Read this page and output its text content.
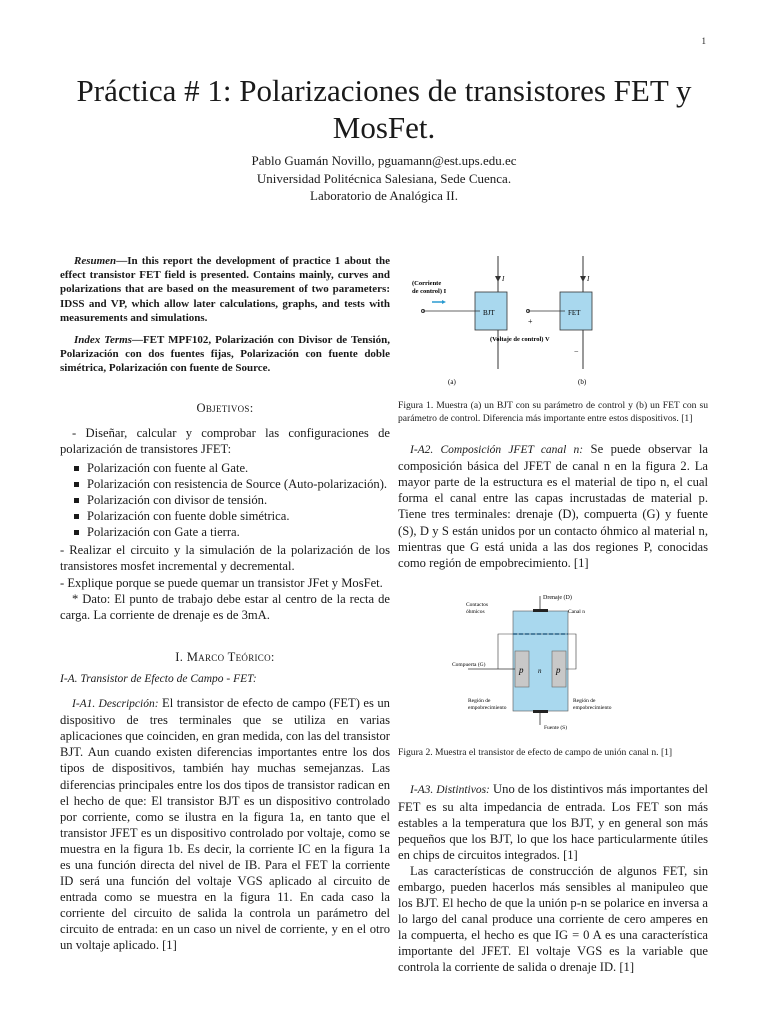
1
Práctica # 1: Polarizaciones de transistores FET y MosFet.
Pablo Guamán Novillo, pguamann@est.ups.edu.ec
Universidad Politécnica Salesiana, Sede Cuenca.
Laboratorio de Analógica II.

Resumen—In this report the development of practice 1 about the effect transistor FET field is presented. Contains mainly, curves and polarizations that are based on the measurement of two parameters: IDSS and VP, which allow later calculations, graphs, and tests with measurements and simulations.

Index Terms—FET MPF102, Polarización con Divisor de Tensión, Polarización con dos fuentes fijas, Polarización con fuente doble simétrica, Polarización con fuente de Source.

Objetivos:

- Diseñar, calcular y comprobar las configuraciones de polarización de transistores JFET:

Polarización con fuente al Gate.
Polarización con resistencia de Source (Auto-polarización).
Polarización con divisor de tensión.
Polarización con fuente doble simétrica.
Polarización con Gate a tierra.

- Realizar el circuito y la simulación de la polarización de los transistores mosfet incremental y decremental.

- Explique porque se puede quemar un transistor JFet y MosFet.

* Dato: El punto de trabajo debe estar al centro de la recta de carga. La corriente de drenaje es de 3mA.

I. Marco Teórico:

I-A. Transistor de Efecto de Campo - FET:

I-A1. Descripción: El transistor de efecto de campo (FET) es un dispositivo de tres terminales que se utiliza en varias aplicaciones que coinciden, en gran medida, con las del transistor BJT. Aun cuando existen diferencias importantes entre los dos tipos de dispositivos, también hay muchas semejanzas. Las diferencias principales entre los dos tipos de transistor radican en el hecho de que: El transistor BJT es un dispositivo controlado por corriente, como se ilustra en la figura 1a, en tanto que el transistor JFET es un dispositivo controlado por voltaje, como se muestra en la figura 1b. Es decir, la corriente IC en la figura 1a es una función directa del nivel de IB. Para el FET la corriente ID será una función del voltaje VGS aplicado al circuito de entrada como se muestra en la figura 11. En cada caso la corriente del circuito de salida la controla un parámetro del circuito de entrada: en un caso un nivel de corriente, y en el otro un voltaje aplicado. [1]

I
BJT
(Corriente
de control) I
(a)
I
FET
+
−
(Voltaje de control) V
(b)

Figura 1. Muestra (a) un BJT con su parámetro de control y (b) un FET con su parámetro de control. Diferencia más importante entre estos dispositivos. [1]

I-A2. Composición JFET canal n: Se puede observar la composición básica del JFET de canal n en la figura 2. La mayor parte de la estructura es el material de tipo n, el cual forma el canal entre las capas incrustadas de material p. Tiene tres terminales: drenaje (D), compuerta (G) y fuente (S), D y S están unidos por un contacto óhmico al material n, mientras que G está unida a las dos regiones P, conocidas como región de empobrecimiento. [1]

p	p
n
Drenaje (D)
Contactos
óhmicos	Canal n
Compuerta (G)
Región de
empobrecimiento
Región de
empobrecimiento
Fuente (S)

Figura 2. Muestra el transistor de efecto de campo de unión canal n. [1]

I-A3. Distintivos: Uno de los distintivos más importantes del FET es su alta impedancia de entrada. Los FET son más estables a la temperatura que los BJT, y en general son más pequeños que los BJT, lo que los hace particularmente útiles en chips de circuitos integrados. [1]

Las características de construcción de algunos FET, sin embargo, pueden hacerlos más sensibles al manipuleo que los BJT. El hecho de que la unión p-n se polarice en inversa a lo largo del canal produce una corriente de cero amperes en la compuerta, el hecho es que IG = 0 A es una característica importante del JFET. El voltaje VGS es la variable que controla la corriente de salida o drenaje ID. [1]
